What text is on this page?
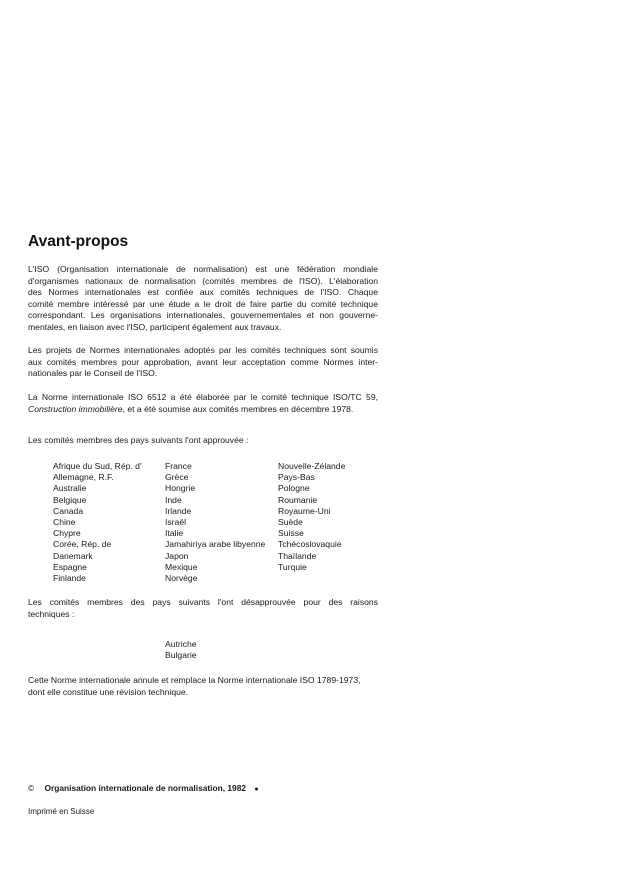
Avant-propos
L'ISO (Organisation internationale de normalisation) est une fédération mondiale
d'organismes nationaux de normalisation (comités membres de l'ISO). L'élaboration
des Normes internationales est confiée aux comités techniques de l'ISO. Chaque
comité membre intéressé par une étude a le droit de faire partie du comité technique
correspondant. Les organisations internationales, gouvernementales et non gouverne-
mentales, en liaison avec l'ISO, participent également aux travaux.
Les projets de Normes internationales adoptés par les comités techniques sont soumis
aux comités membres pour approbation, avant leur acceptation comme Normes inter-
nationales par le Conseil de l'ISO.
La Norme internationale ISO 6512 a été élaborée par le comité technique ISO/TC 59,
Construction immobilière, et a été soumise aux comités membres en décembre 1978.
Les comités membres des pays suivants l'ont approuvée :
Afrique du Sud, Rép. d'
Allemagne, R.F.
Australie
Belgique
Canada
Chine
Chypre
Corée, Rép. de
Danemark
Espagne
Finlande
France
Grèce
Hongrie
Inde
Irlande
Israël
Italie
Jamahiriya arabe libyenne
Japon
Mexique
Norvège
Nouvelle-Zélande
Pays-Bas
Pologne
Roumanie
Royaume-Uni
Suède
Suisse
Tchécoslovaquie
Thaïlande
Turquie
Les comités membres des pays suivants l'ont désapprouvée pour des raisons
techniques :
Autriche
Bulgarie
Cette Norme internationale annule et remplace la Norme internationale ISO 1789-1973,
dont elle constitue une révision technique.
© Organisation internationale de normalisation, 1982 ●
Imprimé en Suisse
